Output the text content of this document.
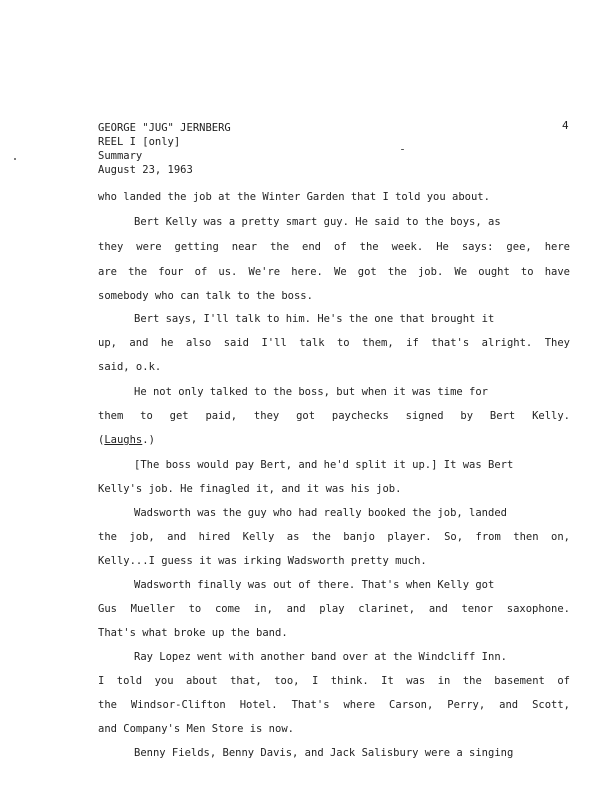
GEORGE "JUG" JERNBERG
REEL I [only]
Summary
August 23, 1963
4
who landed the job at the Winter Garden that I told you about.
Bert Kelly was a pretty smart guy. He said to the boys, as
they were getting near the end of the week. He says: gee, here
are the four of us. We're here. We got the job. We ought to have
somebody who can talk to the boss.
Bert says, I'll talk to him. He's the one that brought it
up, and he also said I'll talk to them, if that's alright. They
said, o.k.
He not only talked to the boss, but when it was time for
them to get paid, they got paychecks signed by Bert Kelly.
(Laughs.)
[The boss would pay Bert, and he'd split it up.] It was Bert
Kelly's job. He finagled it, and it was his job.
Wadsworth was the guy who had really booked the job, landed
the job, and hired Kelly as the banjo player. So, from then on,
Kelly...I guess it was irking Wadsworth pretty much.
Wadsworth finally was out of there. That's when Kelly got
Gus Mueller to come in, and play clarinet, and tenor saxophone.
That's what broke up the band.
Ray Lopez went with another band over at the Windcliff Inn.
I told you about that, too, I think. It was in the basement of
the Windsor-Clifton Hotel. That's where Carson, Perry, and Scott,
and Company's Men Store is now.
Benny Fields, Benny Davis, and Jack Salisbury were a singing
